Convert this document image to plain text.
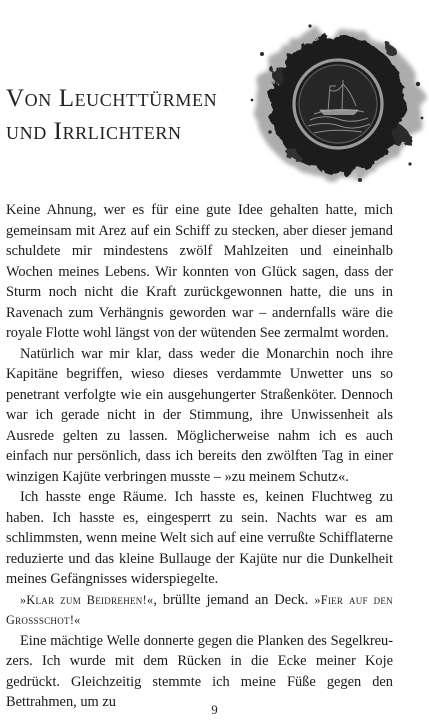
Von Leuchttürmen
und Irrlichtern

Keine Ahnung, wer es für eine gute Idee gehalten hatte, mich gemeinsam mit Arez auf ein Schiff zu stecken, aber dieser jemand schuldete mir mindestens zwölf Mahlzeiten und eineinhalb Wochen meines Lebens. Wir konnten von Glück sagen, dass der Sturm noch nicht die Kraft zurückgewonnen hatte, die uns in Ravenach zum Verhängnis geworden war – andernfalls wäre die royale Flotte wohl längst von der wütenden See zermalmt worden.

Natürlich war mir klar, dass weder die Monarchin noch ihre Kapitäne begriffen, wieso dieses verdammte Unwetter uns so penetrant verfolgte wie ein ausgehungerter Straßenköter. Dennoch war ich gerade nicht in der Stimmung, ihre Unwissenheit als Ausrede gelten zu lassen. Möglicherweise nahm ich es auch einfach nur persönlich, dass ich bereits den zwölften Tag in einer winzigen Kajüte verbringen musste – »zu meinem Schutz«.

Ich hasste enge Räume. Ich hasste es, keinen Fluchtweg zu haben. Ich hasste es, eingesperrt zu sein. Nachts war es am schlimmsten, wenn meine Welt sich auf eine verrußte Schifflaterne reduzierte und das kleine Bullauge der Kajüte nur die Dunkelheit meines Gefängnisses widerspiegelte.

»Klar zum Beidrehen!«, brüllte jemand an Deck. »Fier auf den Grossschot!«

Eine mächtige Welle donnerte gegen die Planken des Segelkreuzers. Ich wurde mit dem Rücken in die Ecke meiner Koje gedrückt. Gleichzeitig stemmte ich meine Füße gegen den Bettrahmen, um zu	9
